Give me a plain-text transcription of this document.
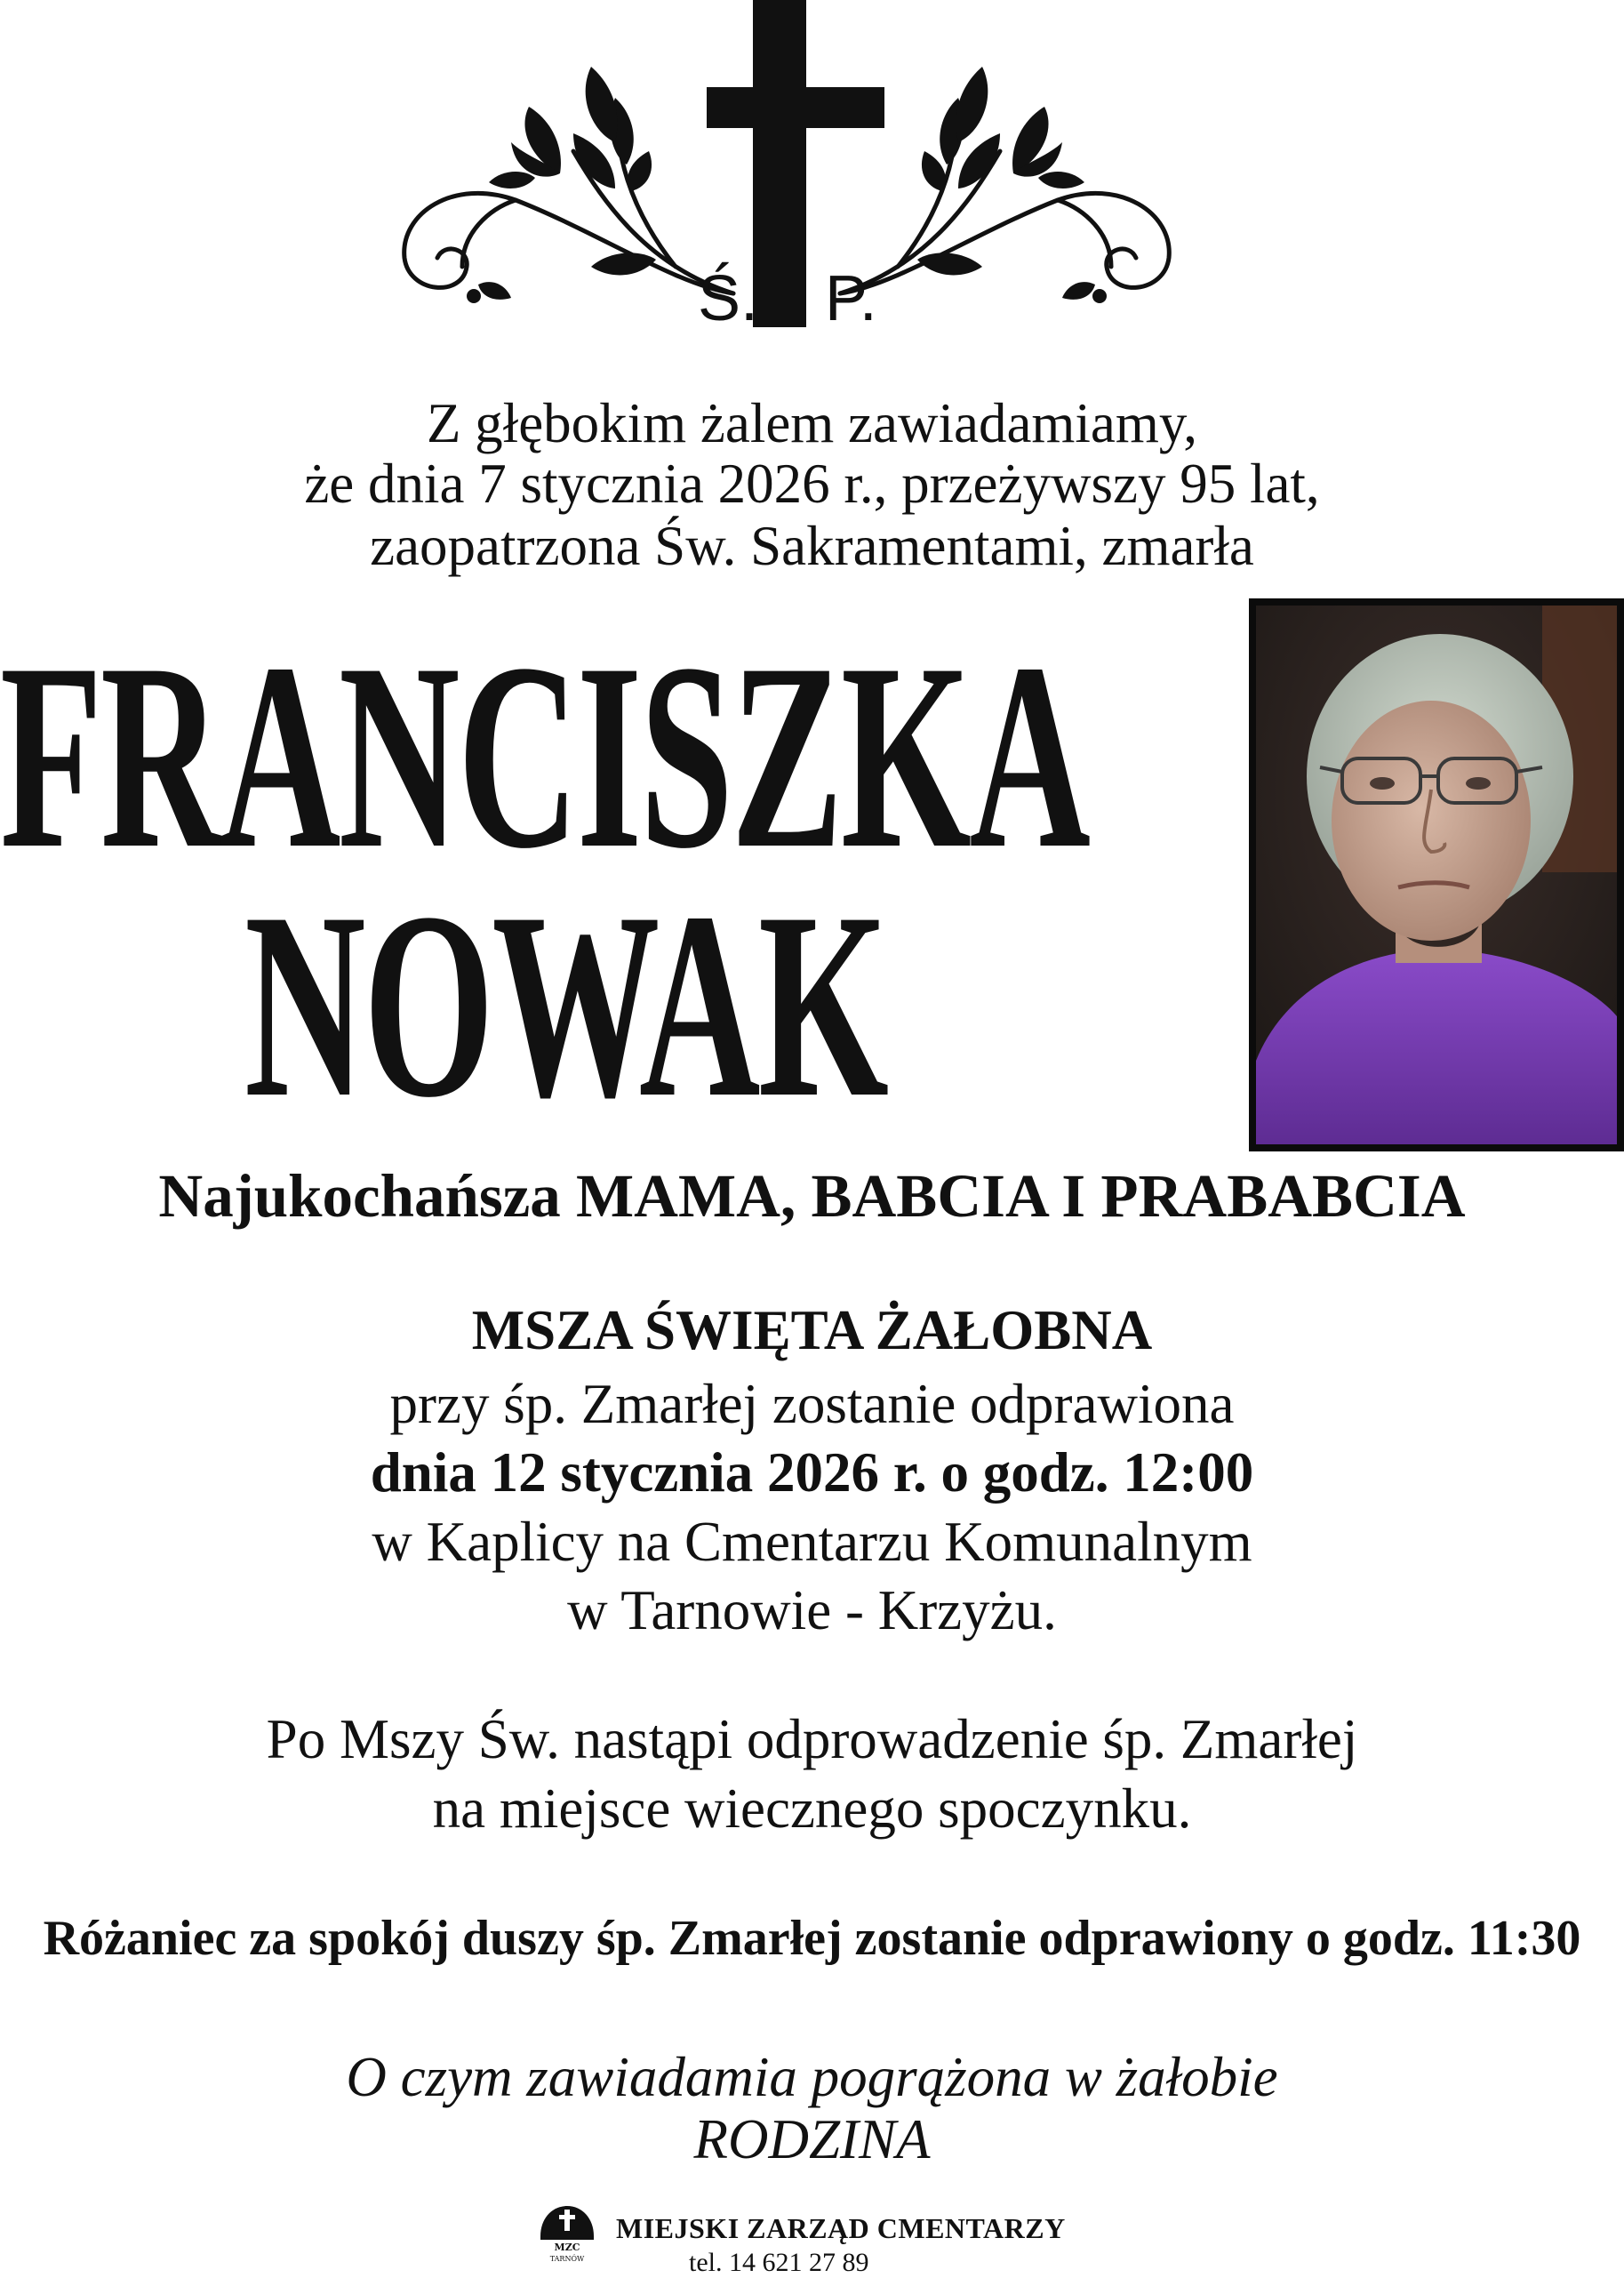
Ś. P.
Z głębokim żalem zawiadamiamy,
że dnia 7 stycznia 2026 r., przeżywszy 95 lat,
zaopatrzona Św. Sakramentami, zmarła
FRANCISZKA
NOWAK
Najukochańsza MAMA, BABCIA I PRABABCIA
MSZA ŚWIĘTA ŻAŁOBNA
przy śp. Zmarłej zostanie odprawiona
dnia 12 stycznia 2026 r. o godz. 12:00
w Kaplicy na Cmentarzu Komunalnym
w Tarnowie - Krzyżu.
Po Mszy Św. nastąpi odprowadzenie śp. Zmarłej
na miejsce wiecznego spoczynku.
Różaniec za spokój duszy śp. Zmarłej zostanie odprawiony o godz. 11:30
O czym zawiadamia pogrążona w żałobie
RODZINA
MZC
TARNÓW
MIEJSKI ZARZĄD CMENTARZY
tel. 14 621 27 89
